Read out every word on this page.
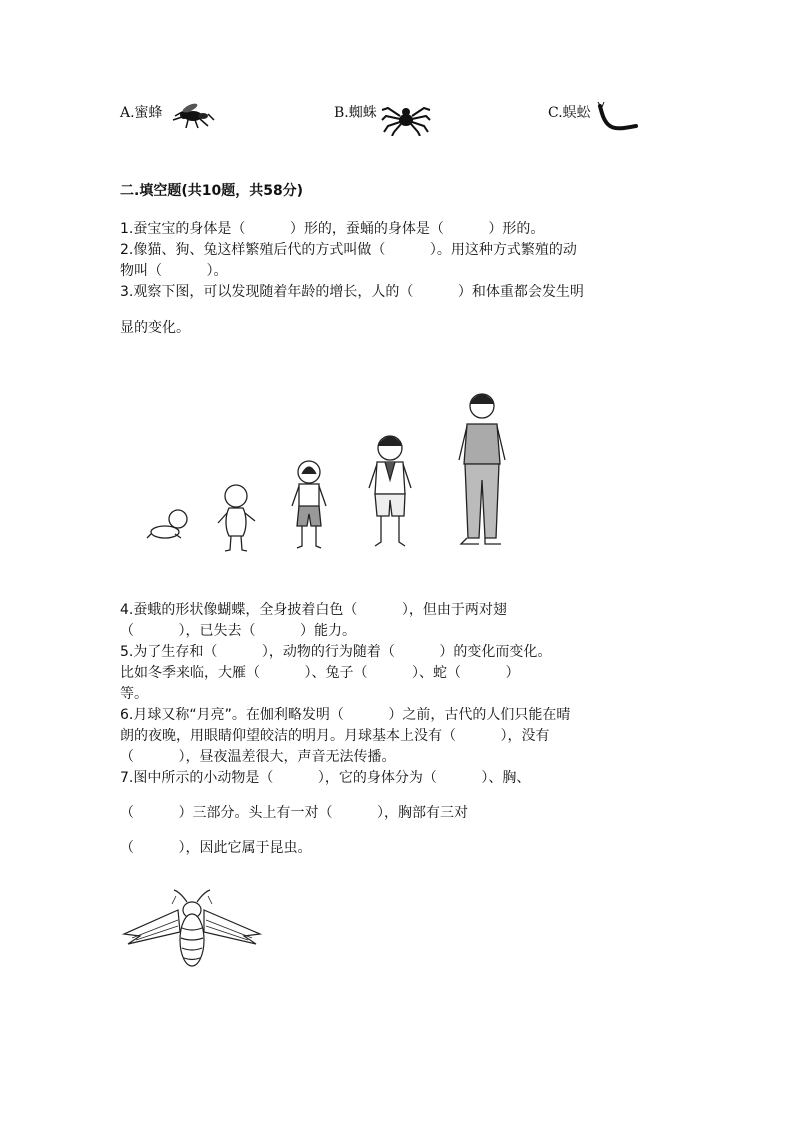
A.蜜蜂	B.蜘蛛	C.蜈蚣
二.填空题(共10题，共58分)
1.蚕宝宝的身体是（          ）形的，蚕蛹的身体是（          ）形的。
2.像猫、狗、兔这样繁殖后代的方式叫做（          ）。用这种方式繁殖的动
物叫（          ）。
3.观察下图，可以发现随着年龄的增长，人的（          ）和体重都会发生明
显的变化。
4.蚕蛾的形状像蝴蝶，全身披着白色（          ），但由于两对翅
（          ），已失去（          ）能力。
5.为了生存和（          ），动物的行为随着（          ）的变化而变化。
比如冬季来临，大雁（          ）、兔子（          ）、蛇（          ）
等。
6.月球又称“月亮”。在伽利略发明（          ）之前，古代的人们只能在晴
朗的夜晚，用眼睛仰望皎洁的明月。月球基本上没有（          ），没有
（          ），昼夜温差很大，声音无法传播。
7.图中所示的小动物是（          ），它的身体分为（          ）、胸、
（          ）三部分。头上有一对（          ），胸部有三对
（          ），因此它属于昆虫。
